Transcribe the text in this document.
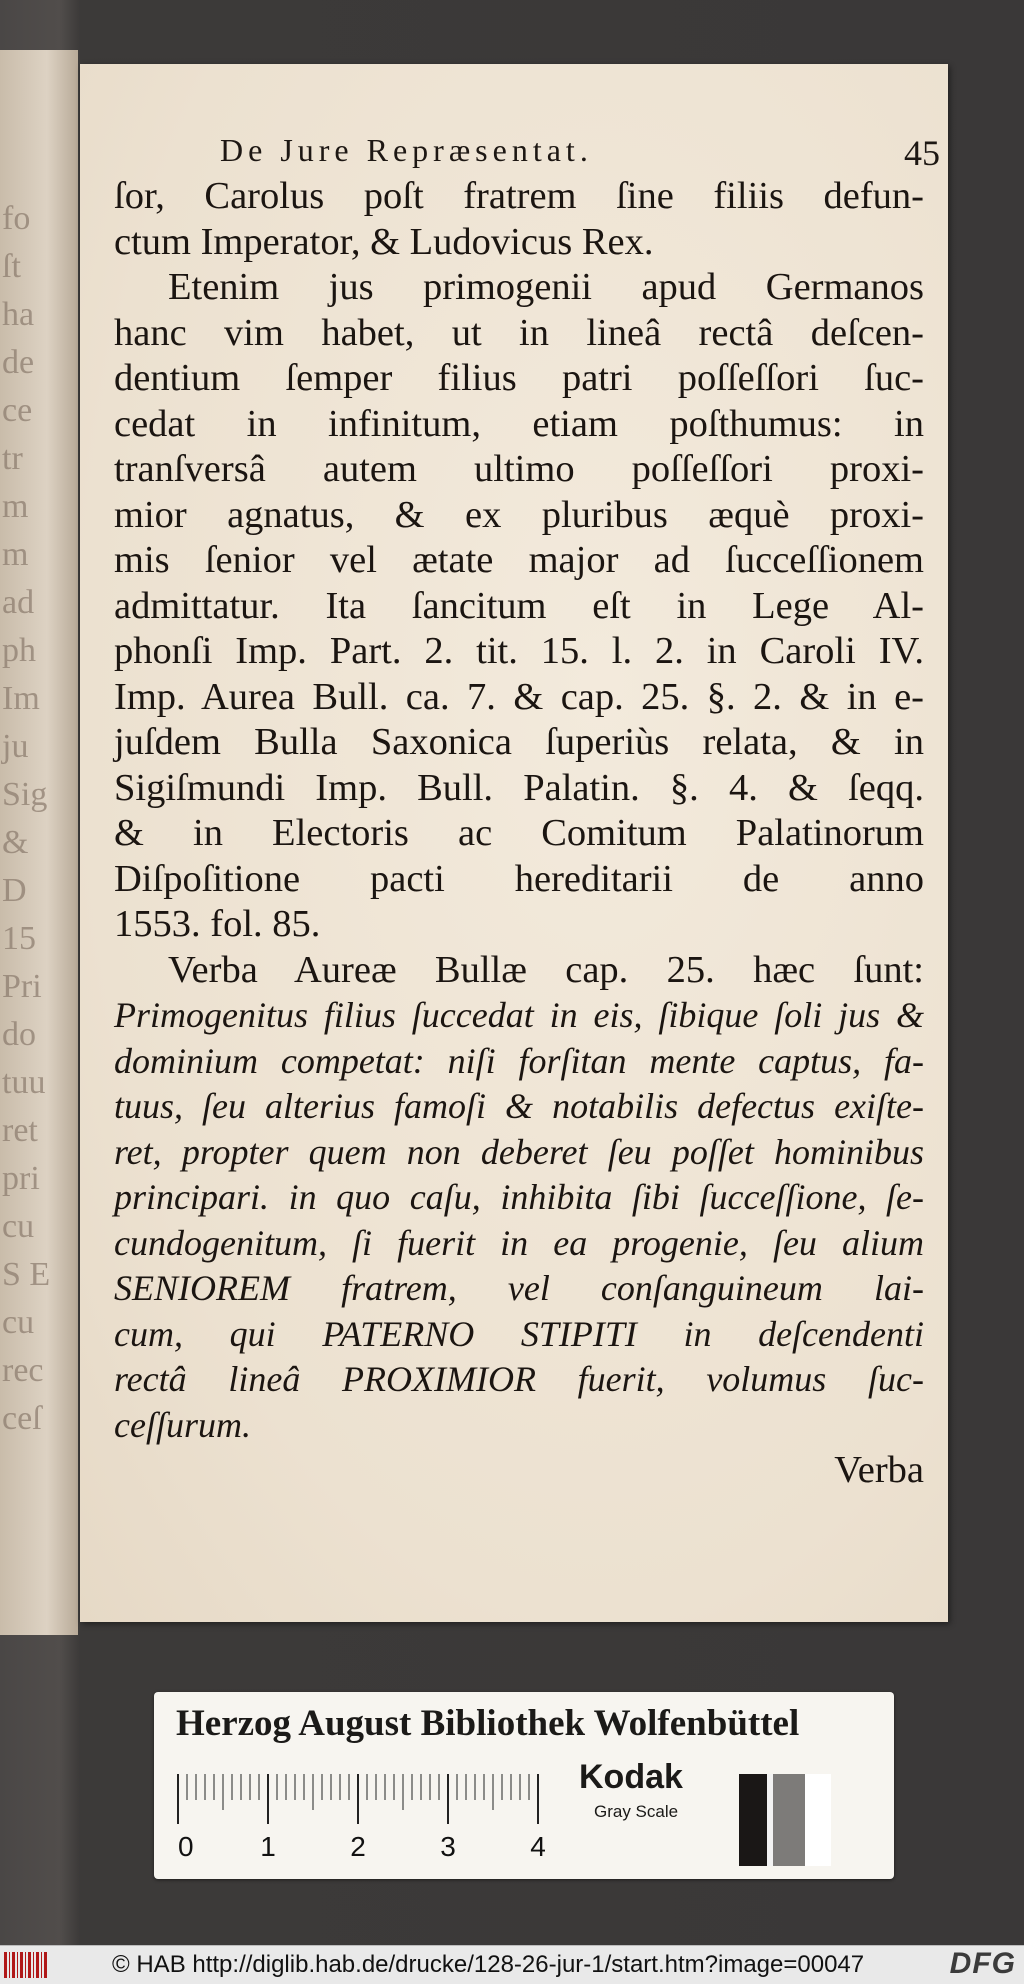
fo
ſt
ha
de
ce
tr
m
m
ad
ph
Im
ju
Sig
&
D
15
Pri
do
tuu
ret
pri
cu
S E
cu
rec
ceſ
De Jure Repræsentat.	45
ſor, Carolus poſt fratrem ſine filiis defun-
ctum Imperator, & Ludovicus Rex.
Etenim jus primogenii apud Germanos
hanc vim habet, ut in lineâ rectâ deſcen-
dentium ſemper filius patri poſſeſſori ſuc-
cedat in infinitum, etiam poſthumus: in
tranſversâ autem ultimo poſſeſſori proxi-
mior agnatus, & ex pluribus æquè proxi-
mis ſenior vel ætate major ad ſucceſſionem
admittatur. Ita ſancitum eſt in Lege Al-
phonſi Imp. Part. 2. tit. 15. l. 2. in Caroli IV.
Imp. Aurea Bull. ca. 7. & cap. 25. §. 2. & in e-
juſdem Bulla Saxonica ſuperiùs relata, & in
Sigiſmundi Imp. Bull. Palatin. §. 4. & ſeqq.
& in Electoris ac Comitum Palatinorum
Diſpoſitione pacti hereditarii de anno
1553. fol. 85.
Verba Aureæ Bullæ cap. 25. hæc ſunt:
Primogenitus filius ſuccedat in eis, ſibique ſoli jus &
dominium competat: niſi forſitan mente captus, fa-
tuus, ſeu alterius famoſi & notabilis defectus exiſte-
ret, propter quem non deberet ſeu poſſet hominibus
principari. in quo caſu, inhibita ſibi ſucceſſione, ſe-
cundogenitum, ſi fuerit in ea progenie, ſeu alium
SENIOREM fratrem, vel conſanguineum lai-
cum, qui PATERNO STIPITI in deſcendenti
rectâ lineâ PROXIMIOR fuerit, volumus ſuc-
ceſſurum.
Verba
Herzog August Bibliothek Wolfenbüttel
0 1	2	3	4
Kodak
Gray Scale
© HAB http://diglib.hab.de/drucke/128-26-jur-1/start.htm?image=00047	DFG
